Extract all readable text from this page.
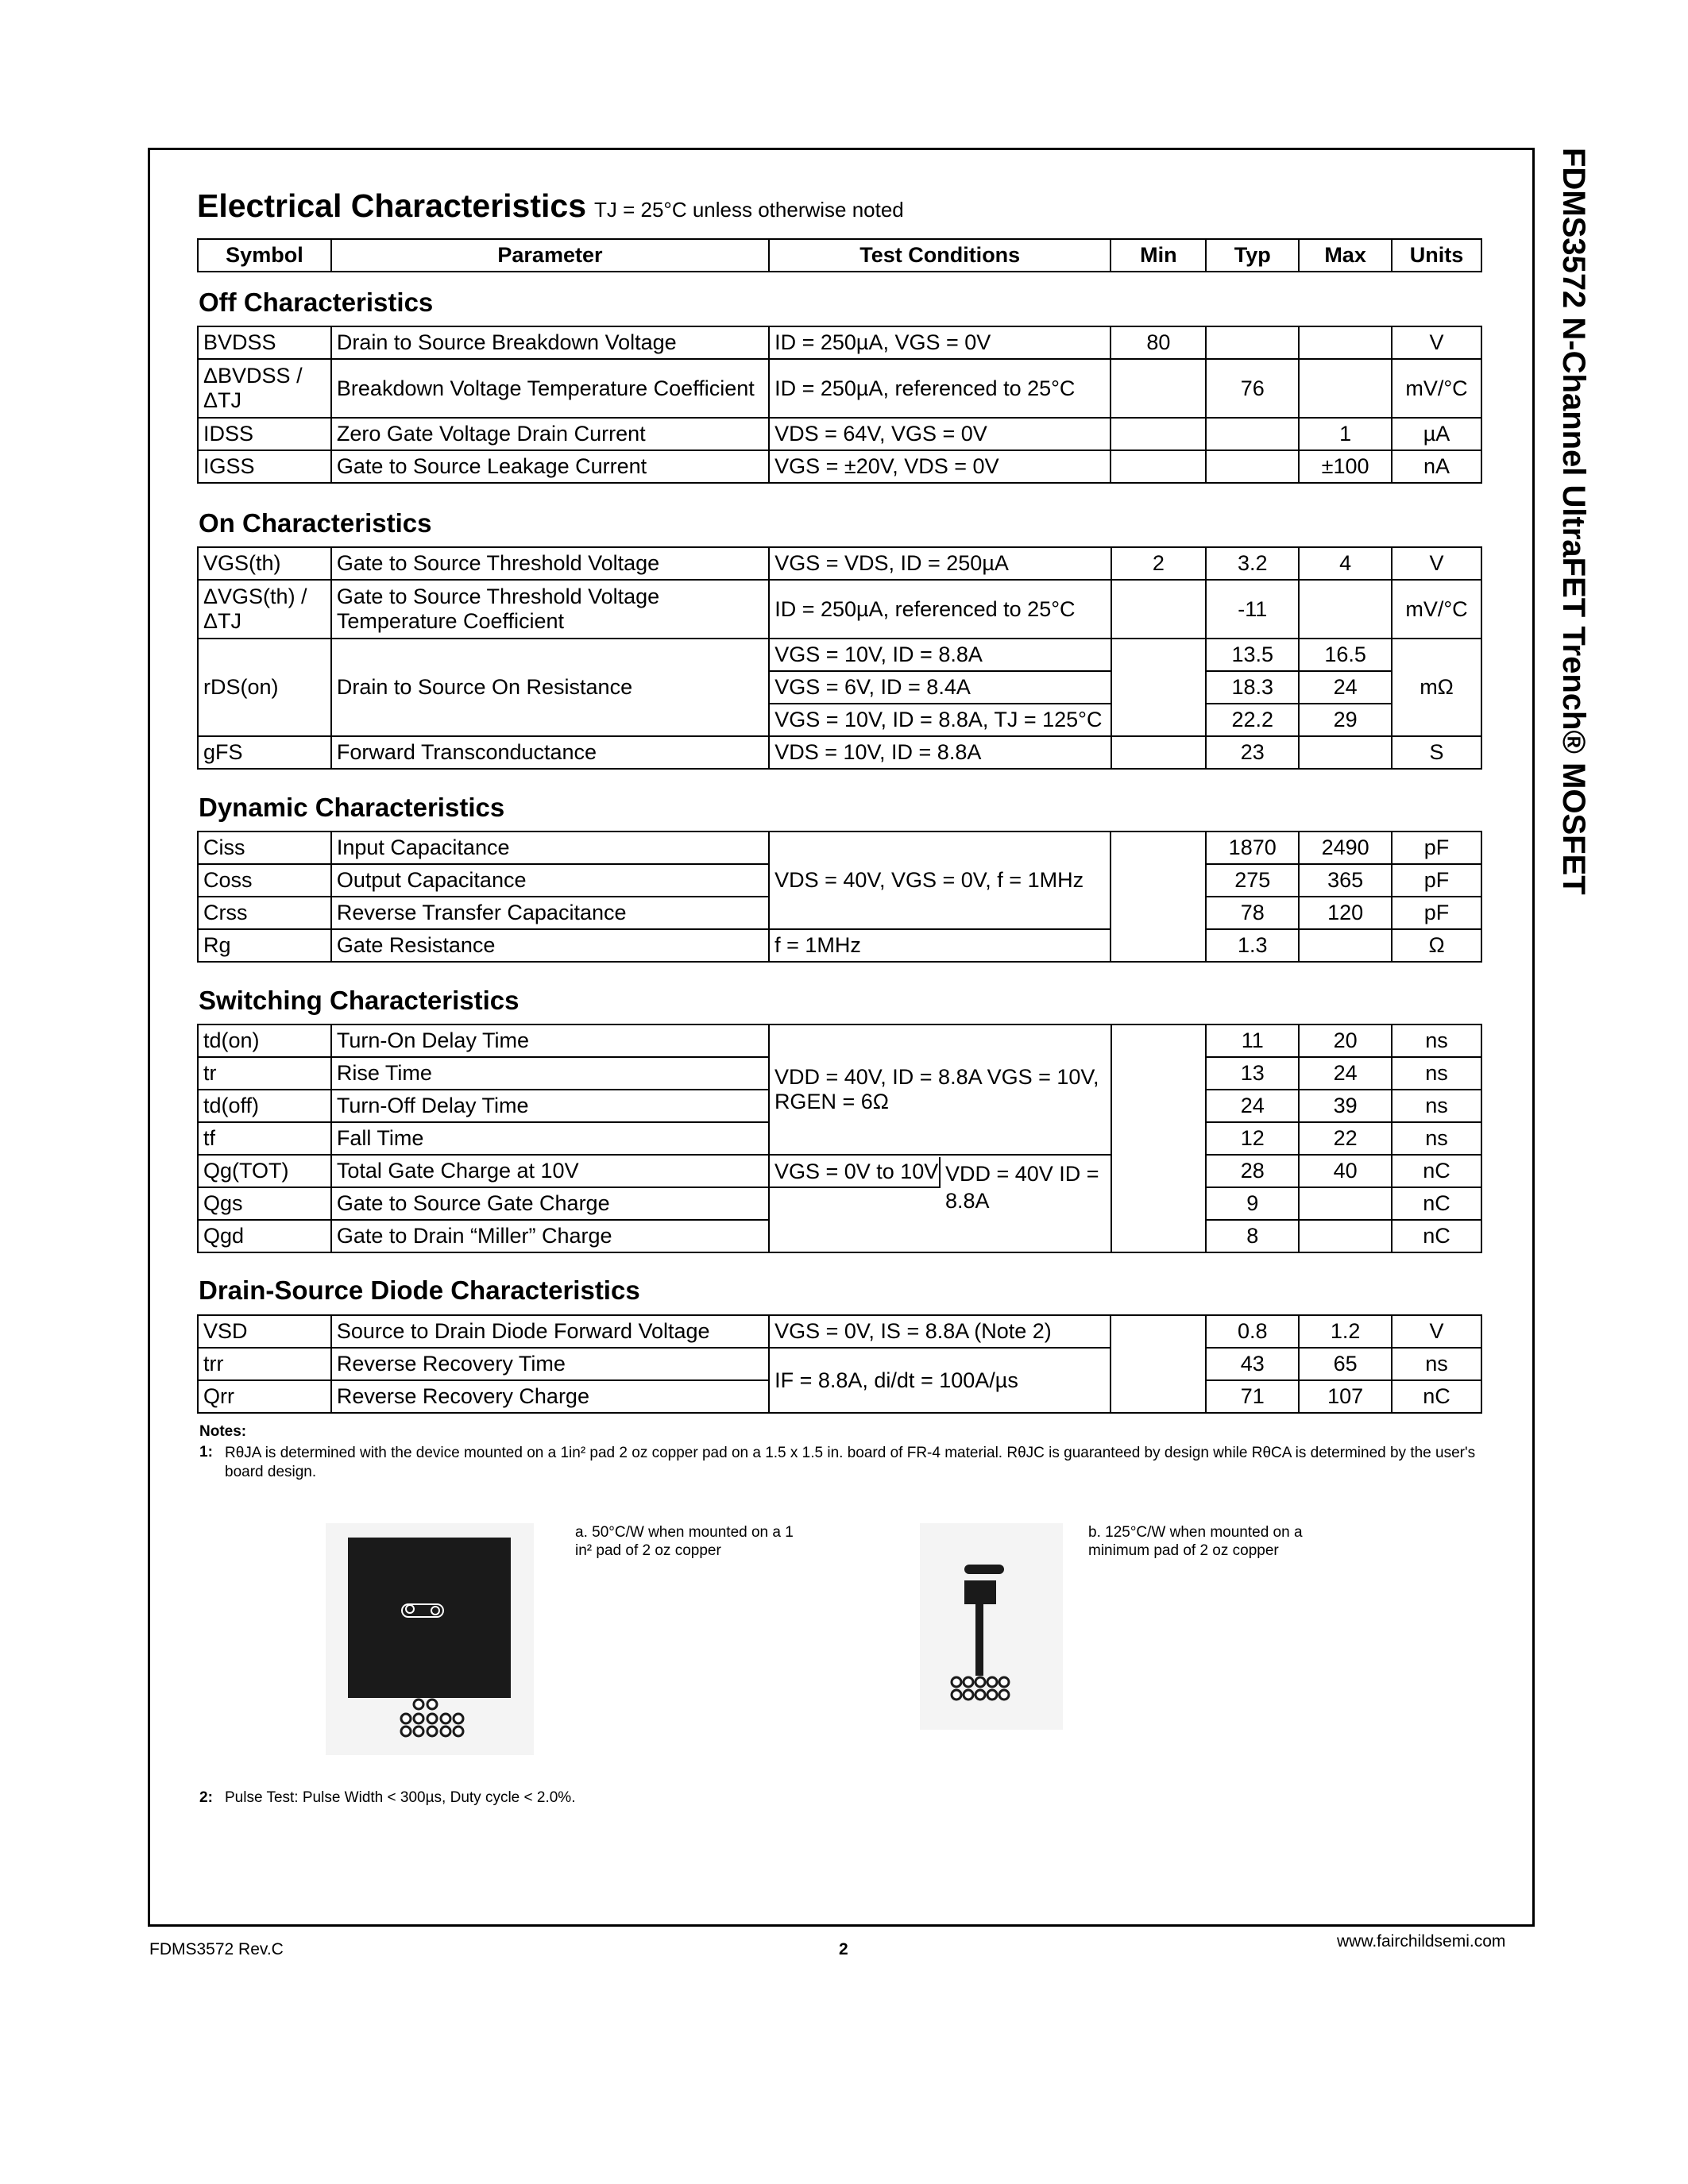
FDMS3572 N-Channel UltraFET Trench® MOSFET
Electrical Characteristics TJ = 25°C unless otherwise noted
Symbol	Parameter	Test Conditions	Min	Typ	Max	Units
Off Characteristics
BVDSS	Drain to Source Breakdown Voltage	ID = 250µA, VGS = 0V	80			V
ΔBVDSS / ΔTJ	Breakdown Voltage Temperature Coefficient	ID = 250µA, referenced to 25°C		76		mV/°C
IDSS	Zero Gate Voltage Drain Current	VDS = 64V, VGS = 0V			1	µA
IGSS	Gate to Source Leakage Current	VGS = ±20V, VDS = 0V			±100	nA
On Characteristics
VGS(th)	Gate to Source Threshold Voltage	VGS = VDS, ID = 250µA	2	3.2	4	V
ΔVGS(th) / ΔTJ	Gate to Source Threshold Voltage Temperature Coefficient	ID = 250µA, referenced to 25°C		-11		mV/°C
rDS(on)	Drain to Source On Resistance	VGS = 10V, ID = 8.8A		13.5	16.5	mΩ
		VGS = 6V, ID = 8.4A		18.3	24	
		VGS = 10V, ID = 8.8A, TJ = 125°C		22.2	29	
gFS	Forward Transconductance	VDS = 10V, ID = 8.8A		23		S
Dynamic Characteristics
Ciss	Input Capacitance	VDS = 40V, VGS = 0V, f = 1MHz		1870	2490	pF
Coss	Output Capacitance			275	365	pF
Crss	Reverse Transfer Capacitance			78	120	pF
Rg	Gate Resistance	f = 1MHz		1.3		Ω
Switching Characteristics
td(on)	Turn-On Delay Time	VDD = 40V, ID = 8.8A VGS = 10V, RGEN = 6Ω		11	20	ns
tr	Rise Time			13	24	ns
td(off)	Turn-Off Delay Time			24	39	ns
tf	Fall Time			12	22	ns
Qg(TOT)	Total Gate Charge at 10V	VGS = 0V to 10V VDD = 40V ID = 8.8A		28	40	nC
Qgs	Gate to Source Gate Charge			9		nC
Qgd	Gate to Drain “Miller” Charge			8		nC
Drain-Source Diode Characteristics
VSD	Source to Drain Diode Forward Voltage	VGS = 0V, IS = 8.8A (Note 2)		0.8	1.2	V
trr	Reverse Recovery Time	IF = 8.8A, di/dt = 100A/µs		43	65	ns
Qrr	Reverse Recovery Charge			71	107	nC
Notes:
1: RθJA is determined with the device mounted on a 1in² pad 2 oz copper pad on a 1.5 x 1.5 in. board of FR-4 material. RθJC is guaranteed by design while RθCA is determined by the user's board design.
a. 50°C/W when mounted on a 1 in² pad of 2 oz copper
b. 125°C/W when mounted on a minimum pad of 2 oz copper
2: Pulse Test: Pulse Width < 300µs, Duty cycle < 2.0%.
FDMS3572 Rev.C	2	www.fairchildsemi.com
